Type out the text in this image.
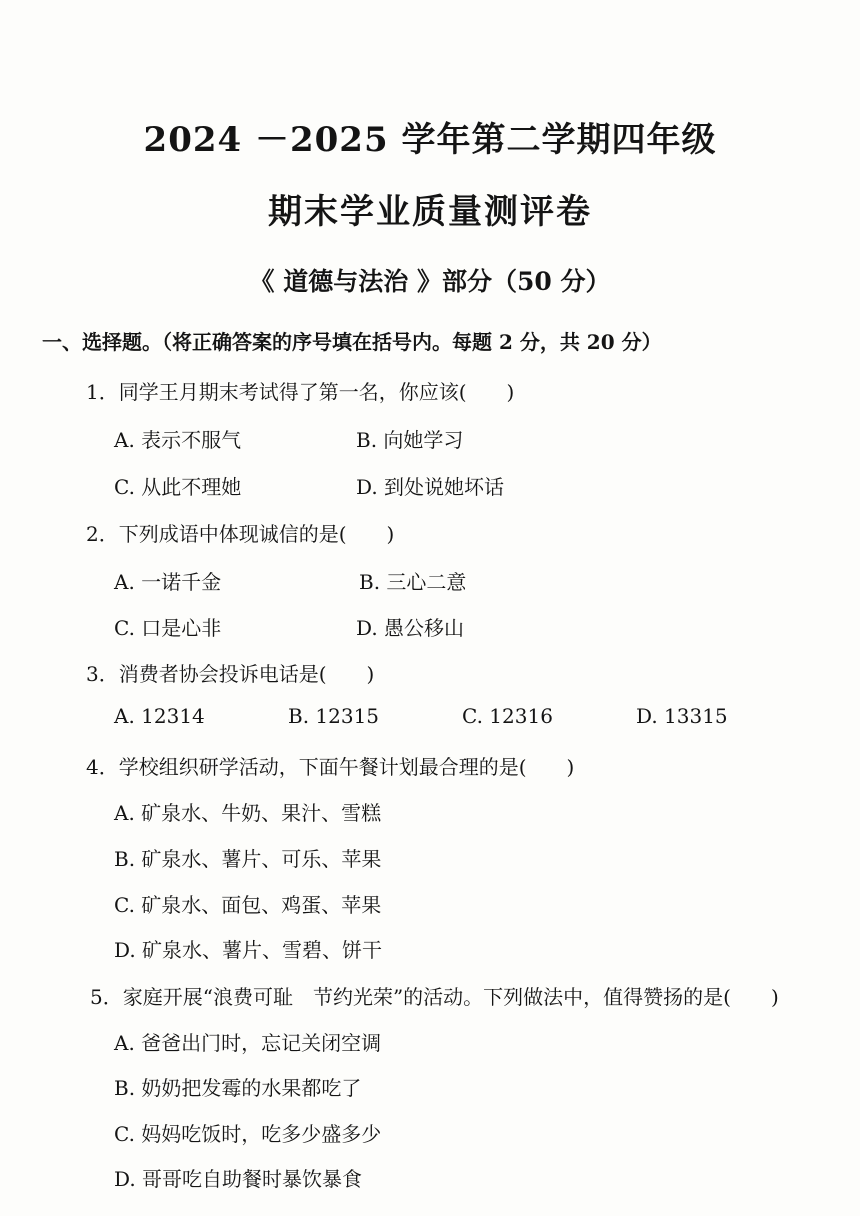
2024 －2025 学年第二学期四年级
期末学业质量测评卷
《 道德与法治 》部分（50 分）
一、选择题。（将正确答案的序号填在括号内。每题 2 分，共 20 分）
1．同学王月期末考试得了第一名，你应该(　　)
A. 表示不服气	B. 向她学习
C. 从此不理她	D. 到处说她坏话
2．下列成语中体现诚信的是(　　)
A. 一诺千金	B. 三心二意
C. 口是心非	D. 愚公移山
3．消费者协会投诉电话是(　　)
A. 12314	B. 12315	C. 12316	D. 13315
4．学校组织研学活动，下面午餐计划最合理的是(　　)
A. 矿泉水、牛奶、果汁、雪糕
B. 矿泉水、薯片、可乐、苹果
C. 矿泉水、面包、鸡蛋、苹果
D. 矿泉水、薯片、雪碧、饼干
5．家庭开展“浪费可耻　节约光荣”的活动。下列做法中，值得赞扬的是(　　)
A. 爸爸出门时，忘记关闭空调
B. 奶奶把发霉的水果都吃了
C. 妈妈吃饭时，吃多少盛多少
D. 哥哥吃自助餐时暴饮暴食
